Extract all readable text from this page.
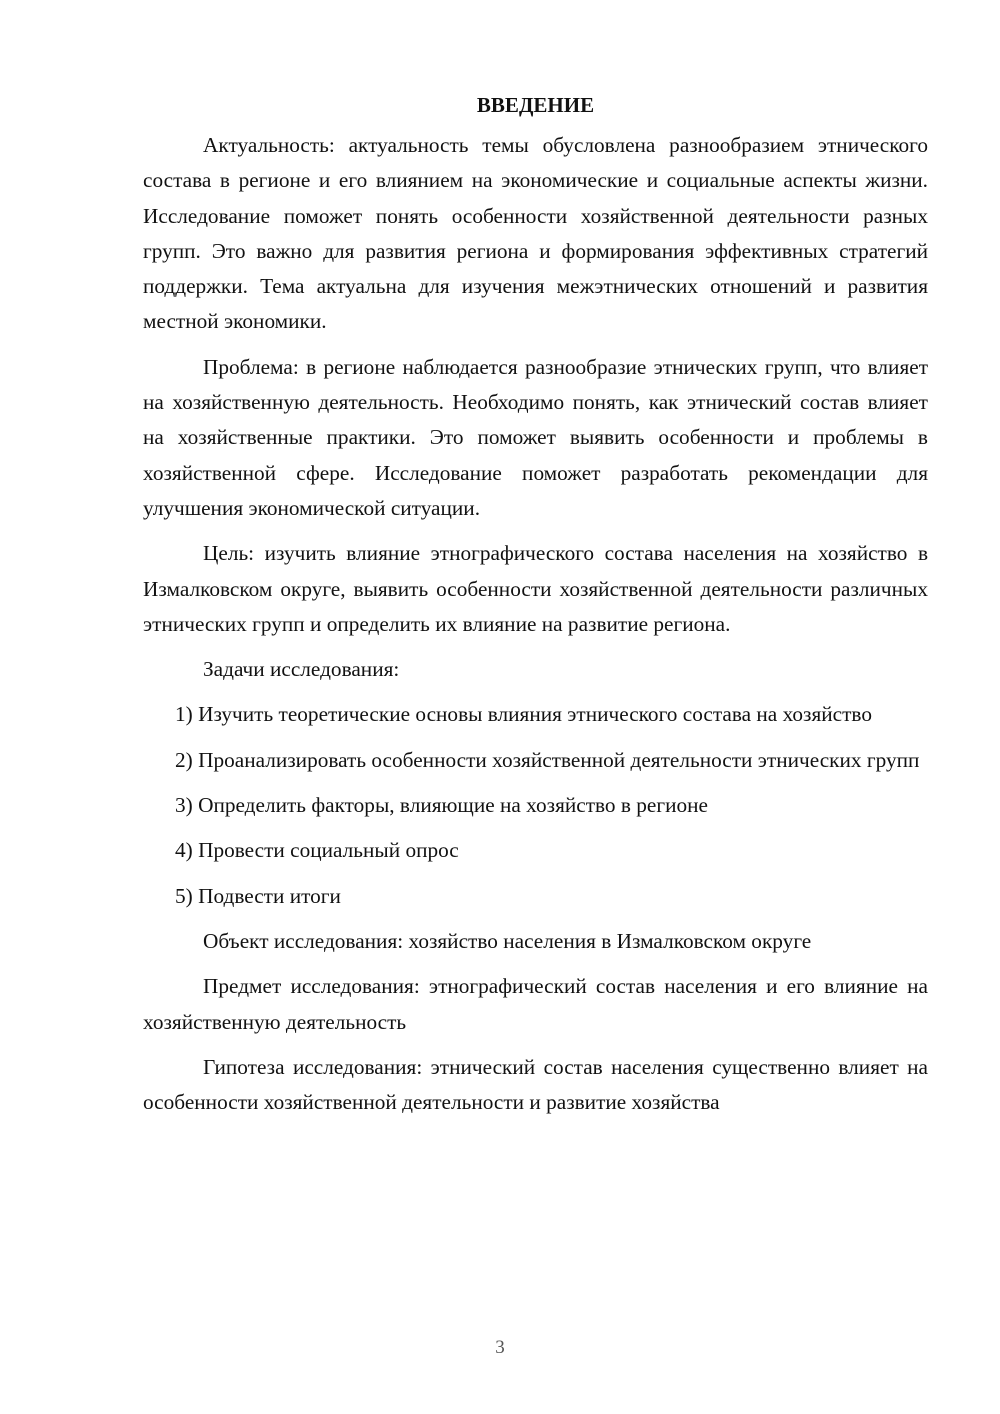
ВВЕДЕНИЕ

Актуальность: актуальность темы обусловлена разнообразием этнического состава в регионе и его влиянием на экономические и социальные аспекты жизни. Исследование поможет понять особенности хозяйственной деятельности разных групп. Это важно для развития региона и формирования эффективных стратегий поддержки. Тема актуальна для изучения межэтнических отношений и развития местной экономики.

Проблема: в регионе наблюдается разнообразие этнических групп, что влияет на хозяйственную деятельность. Необходимо понять, как этнический состав влияет на хозяйственные практики. Это поможет выявить особенности и проблемы в хозяйственной сфере. Исследование поможет разработать рекомендации для улучшения экономической ситуации.

Цель: изучить влияние этнографического состава населения на хозяйство в Измалковском округе, выявить особенности хозяйственной деятельности различных этнических групп и определить их влияние на развитие региона.

Задачи исследования:

1) Изучить теоретические основы влияния этнического состава на хозяйство

2) Проанализировать особенности хозяйственной деятельности этнических групп

3) Определить факторы, влияющие на хозяйство в регионе

4) Провести социальный опрос

5) Подвести итоги

Объект исследования: хозяйство населения в Измалковском округе

Предмет исследования: этнографический состав населения и его влияние на хозяйственную деятельность

Гипотеза исследования: этнический состав населения существенно влияет на особенности хозяйственной деятельности и развитие хозяйства

3
